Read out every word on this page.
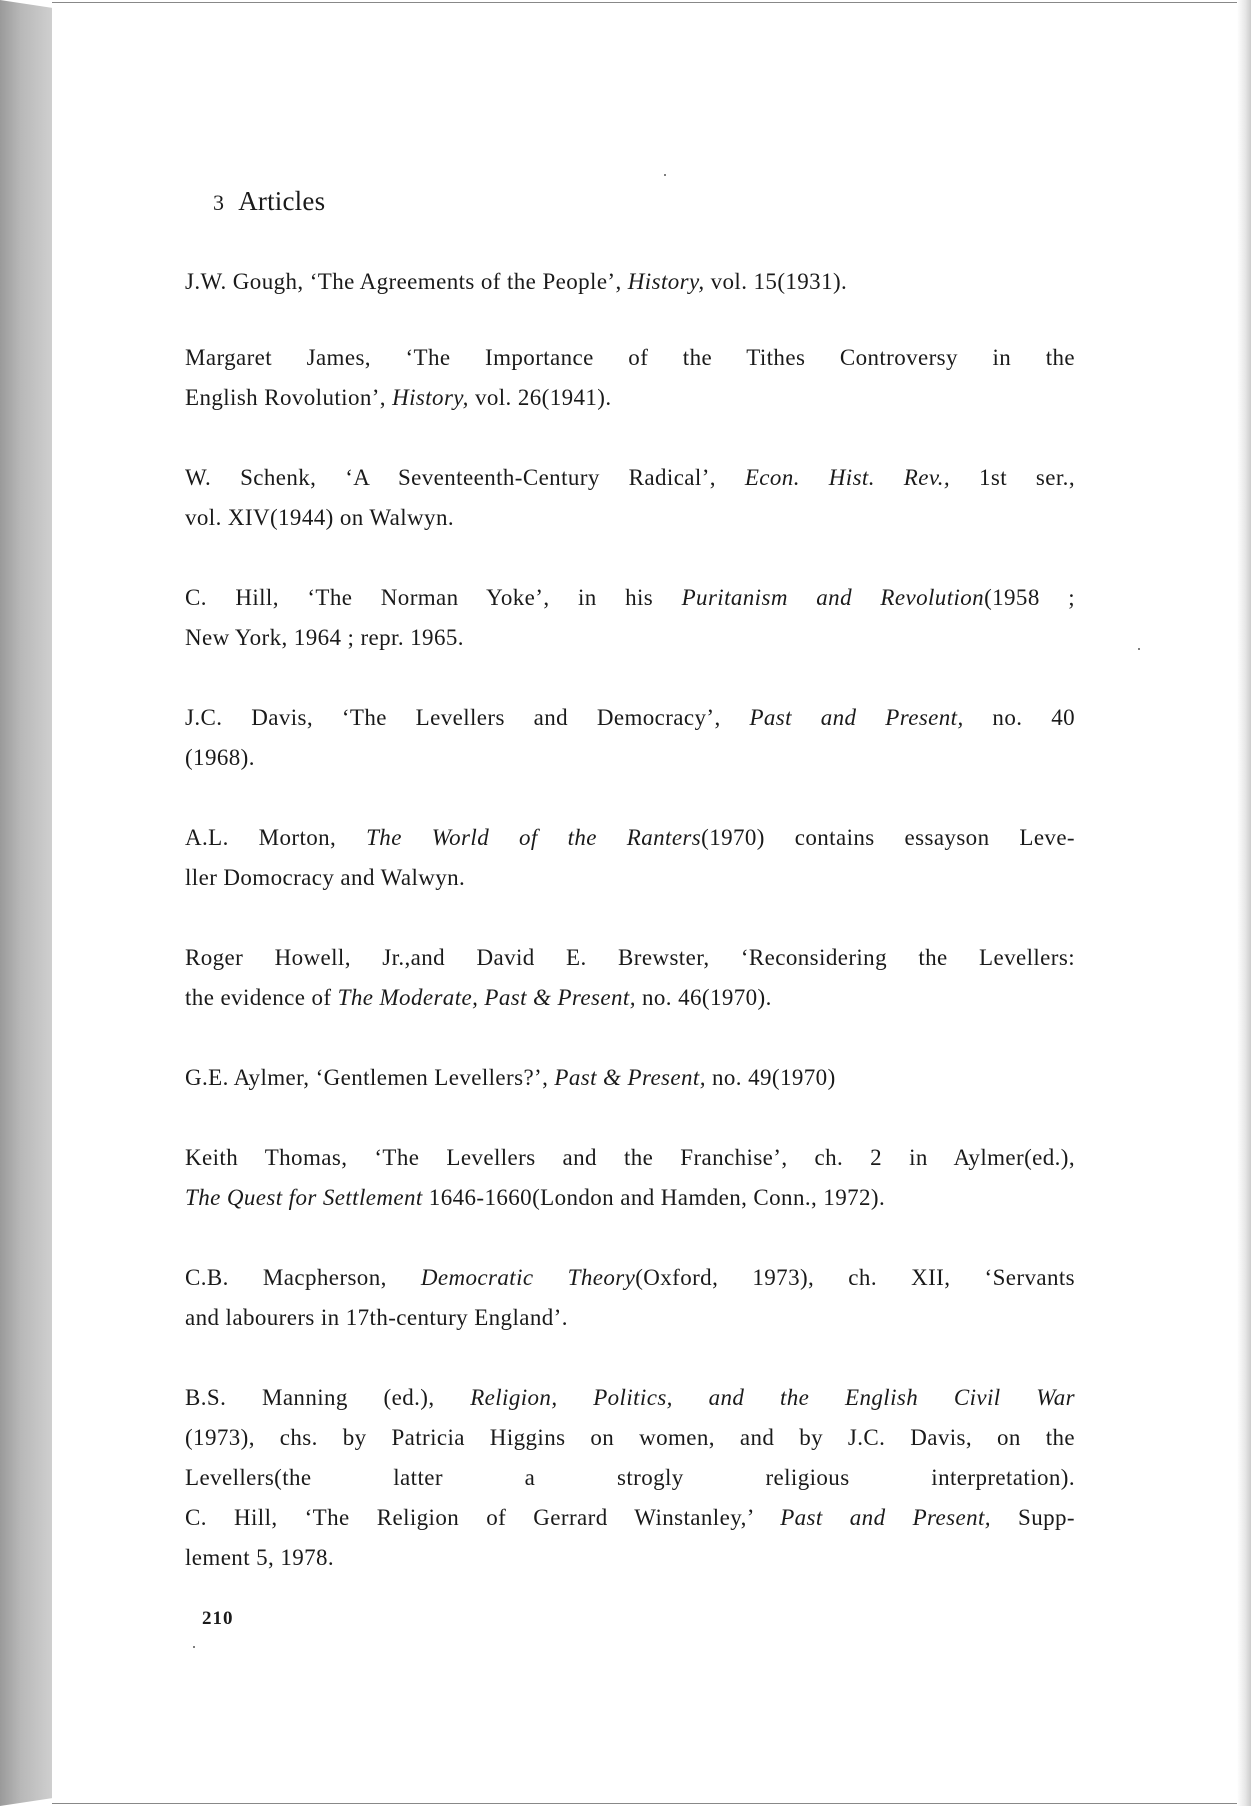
3 Articles
J.W. Gough, ‘The Agreements of the People’, History, vol. 15(1931).
Margaret James, ‘The Importance of the Tithes Controversy in the
English Rovolution’, History, vol. 26(1941).
W. Schenk, ‘A Seventeenth-Century Radical’, Econ. Hist. Rev., 1st ser.,
vol. XIV(1944) on Walwyn.
C. Hill, ‘The Norman Yoke’, in his Puritanism and Revolution(1958 ;
New York, 1964 ; repr. 1965.
J.C. Davis, ‘The Levellers and Democracy’, Past and Present, no. 40
(1968).
A.L. Morton, The World of the Ranters(1970) contains essayson Leve-
ller Domocracy and Walwyn.
Roger Howell, Jr.,and David E. Brewster, ‘Reconsidering the Levellers:
the evidence of The Moderate, Past & Present, no. 46(1970).
G.E. Aylmer, ‘Gentlemen Levellers?’, Past & Present, no. 49(1970)
Keith Thomas, ‘The Levellers and the Franchise’, ch. 2 in Aylmer(ed.),
The Quest for Settlement 1646-1660(London and Hamden, Conn., 1972).
C.B. Macpherson, Democratic Theory(Oxford, 1973), ch. XII, ‘Servants
and labourers in 17th-century England’.
B.S. Manning (ed.), Religion, Politics, and the English Civil War
(1973), chs. by Patricia Higgins on women, and by J.C. Davis, on the
Levellers(the latter a strogly religious interpretation).
C. Hill, ‘The Religion of Gerrard Winstanley,’ Past and Present, Supp-
lement 5, 1978.
210
